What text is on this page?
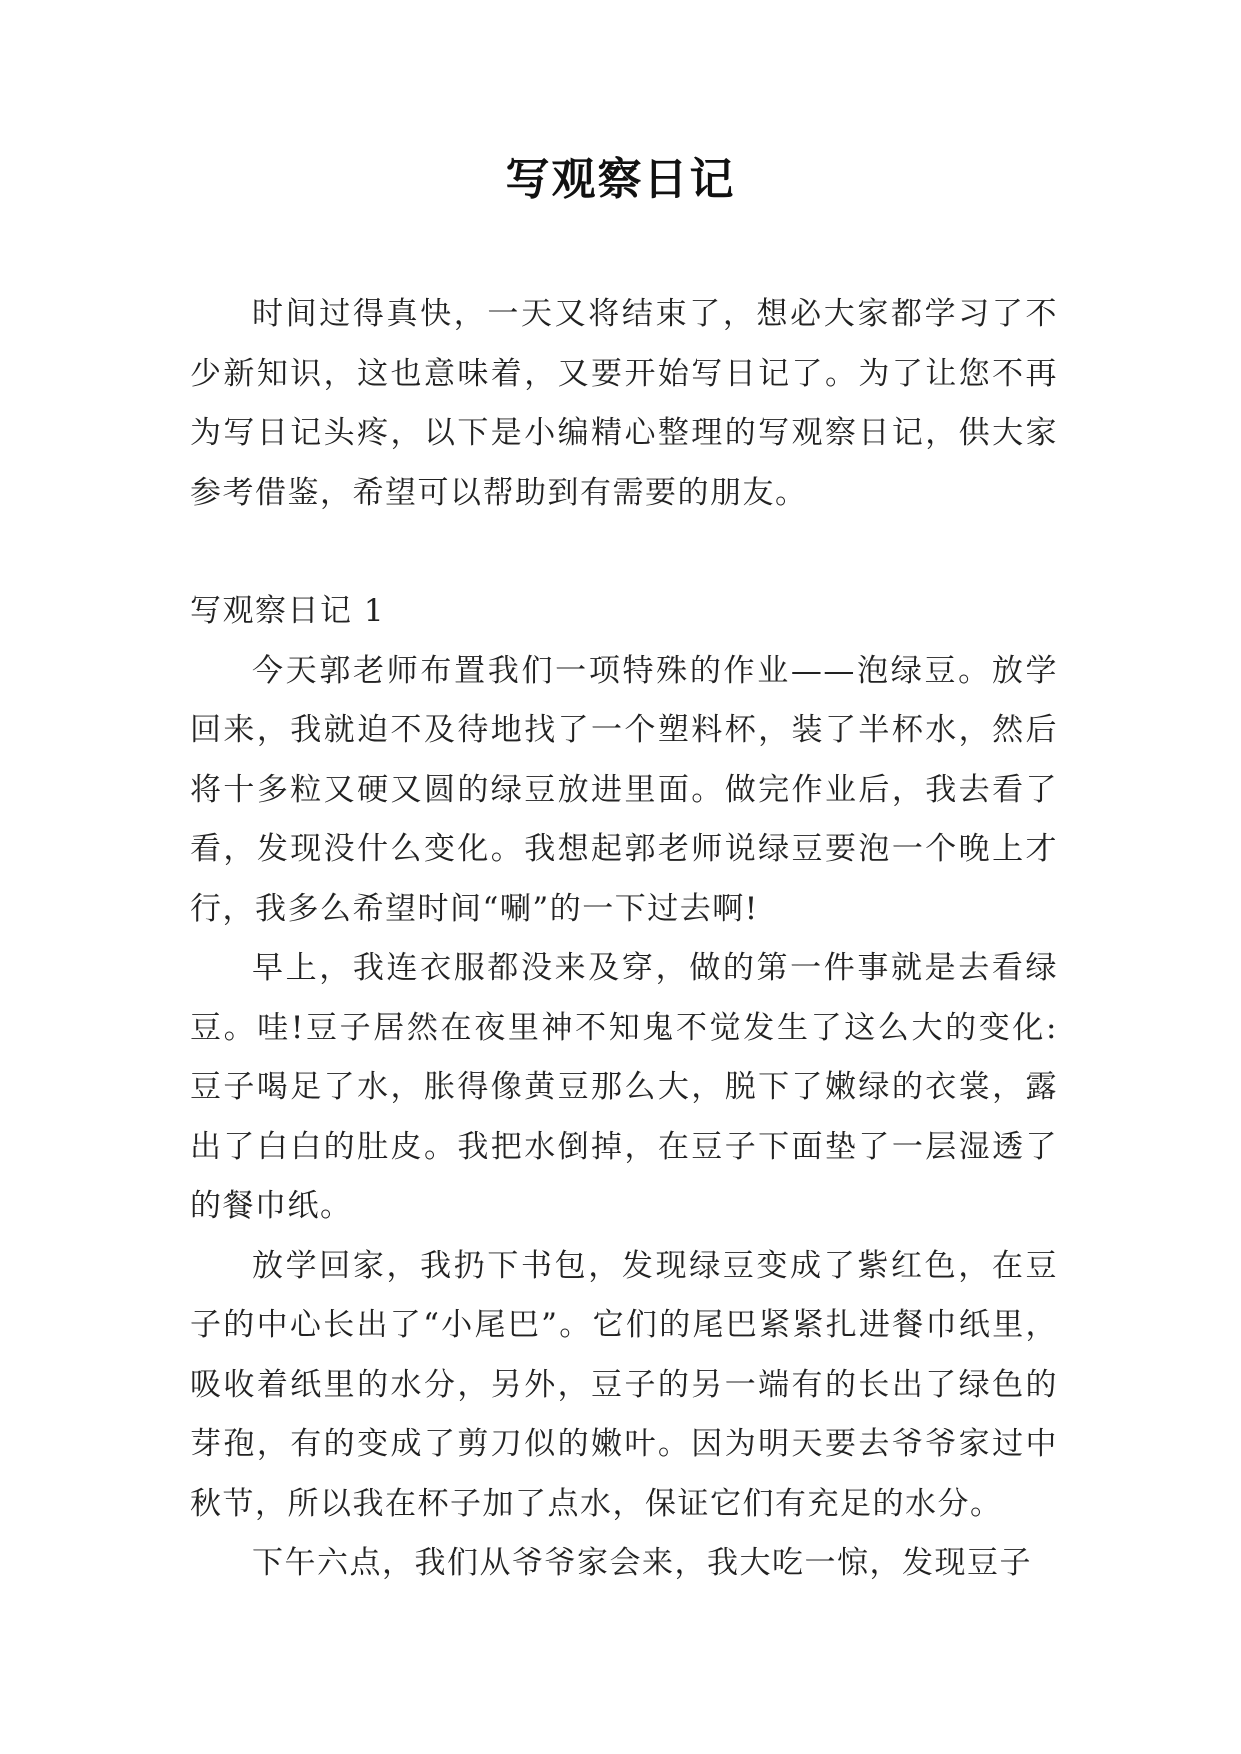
写观察日记

时间过得真快，一天又将结束了，想必大家都学习了不少新知识，这也意味着，又要开始写日记了。为了让您不再为写日记头疼，以下是小编精心整理的写观察日记，供大家参考借鉴，希望可以帮助到有需要的朋友。

写观察日记 1

今天郭老师布置我们一项特殊的作业——泡绿豆。放学回来，我就迫不及待地找了一个塑料杯，装了半杯水，然后将十多粒又硬又圆的绿豆放进里面。做完作业后，我去看了看，发现没什么变化。我想起郭老师说绿豆要泡一个晚上才行，我多么希望时间“唰”的一下过去啊!

早上，我连衣服都没来及穿，做的第一件事就是去看绿豆。哇!豆子居然在夜里神不知鬼不觉发生了这么大的变化:豆子喝足了水，胀得像黄豆那么大，脱下了嫩绿的衣裳，露出了白白的肚皮。我把水倒掉，在豆子下面垫了一层湿透了的餐巾纸。

放学回家，我扔下书包，发现绿豆变成了紫红色，在豆子的中心长出了“小尾巴”。它们的尾巴紧紧扎进餐巾纸里，吸收着纸里的水分，另外，豆子的另一端有的长出了绿色的芽孢，有的变成了剪刀似的嫩叶。因为明天要去爷爷家过中秋节，所以我在杯子加了点水，保证它们有充足的水分。

下午六点，我们从爷爷家会来，我大吃一惊，发现豆子
